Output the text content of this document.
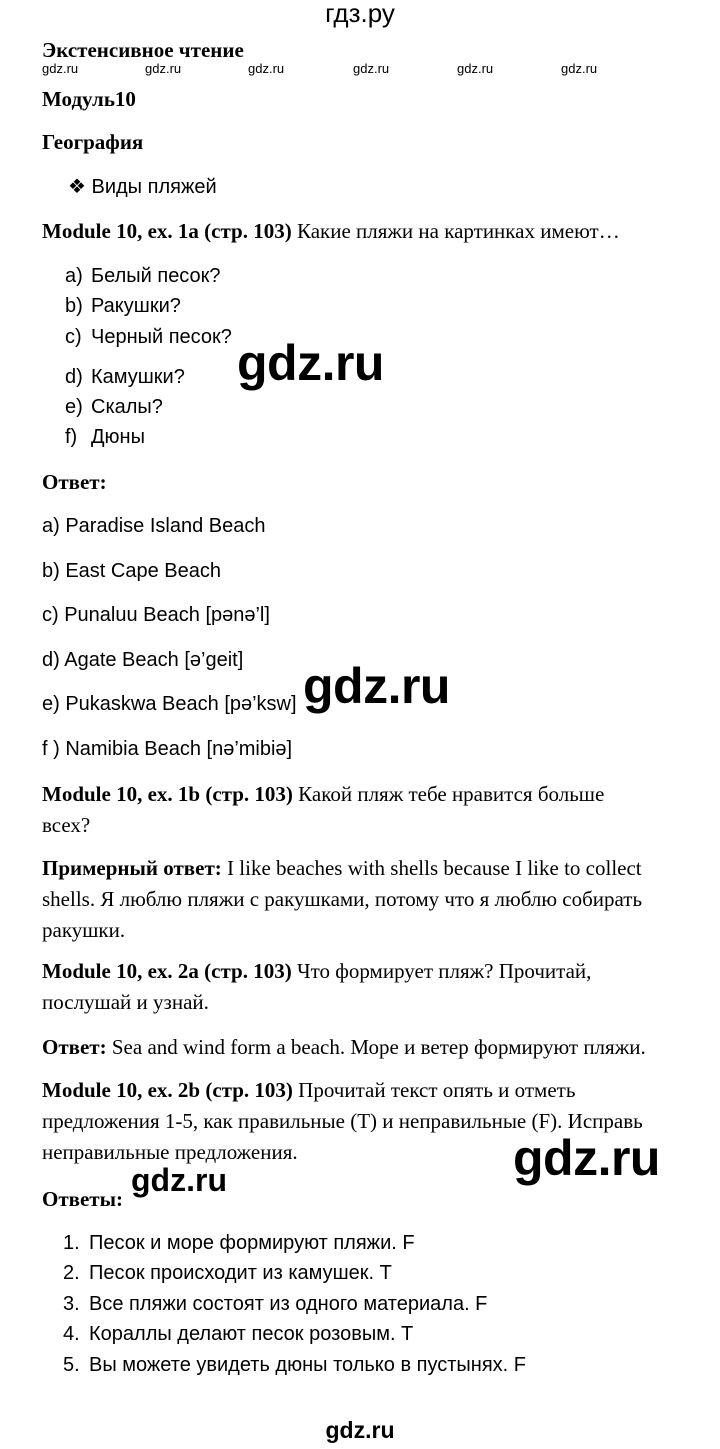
гдз.ру
Экстенсивное чтение
gdz.ru	gdz.ru	gdz.ru	gdz.ru	gdz.ru	gdz.ru
Модуль10
География
❖ Виды пляжей
Module 10, ex. 1a (стр. 103) Какие пляжи на картинках имеют…
a) Белый песок?
b) Ракушки?
c) Черный песок?
d) Камушки?
e) Скалы?
f) Дюны
gdz.ru
Ответ:
a) Paradise Island Beach
b) East Cape Beach
c) Punaluu Beach [pənə’l]
d) Agate Beach [ə’geit]
e) Pukaskwa Beach [pə’ksw]
f ) Namibia Beach [nə’mibiə]
gdz.ru
Module 10, ex. 1b (стр. 103) Какой пляж тебе нравится больше
всех?
Примерный ответ: I like beaches with shells because I like to collect
shells. Я люблю пляжи с ракушками, потому что я люблю собирать
ракушки.
Module 10, ex. 2a (стр. 103) Что формирует пляж? Прочитай,
послушай и узнай.
Ответ: Sea and wind form a beach. Море и ветер формируют пляжи.
Module 10, ex. 2b (стр. 103) Прочитай текст опять и отметь
предложения 1-5, как правильные (T) и неправильные (F). Исправь
неправильные предложения.	gdz.ru
Ответы:
gdz.ru
1. Песок и море формируют пляжи. F
2. Песок происходит из камушек. T
3. Все пляжи состоят из одного материала. F
4. Кораллы делают песок розовым. T
5. Вы можете увидеть дюны только в пустынях. F
gdz.ru
